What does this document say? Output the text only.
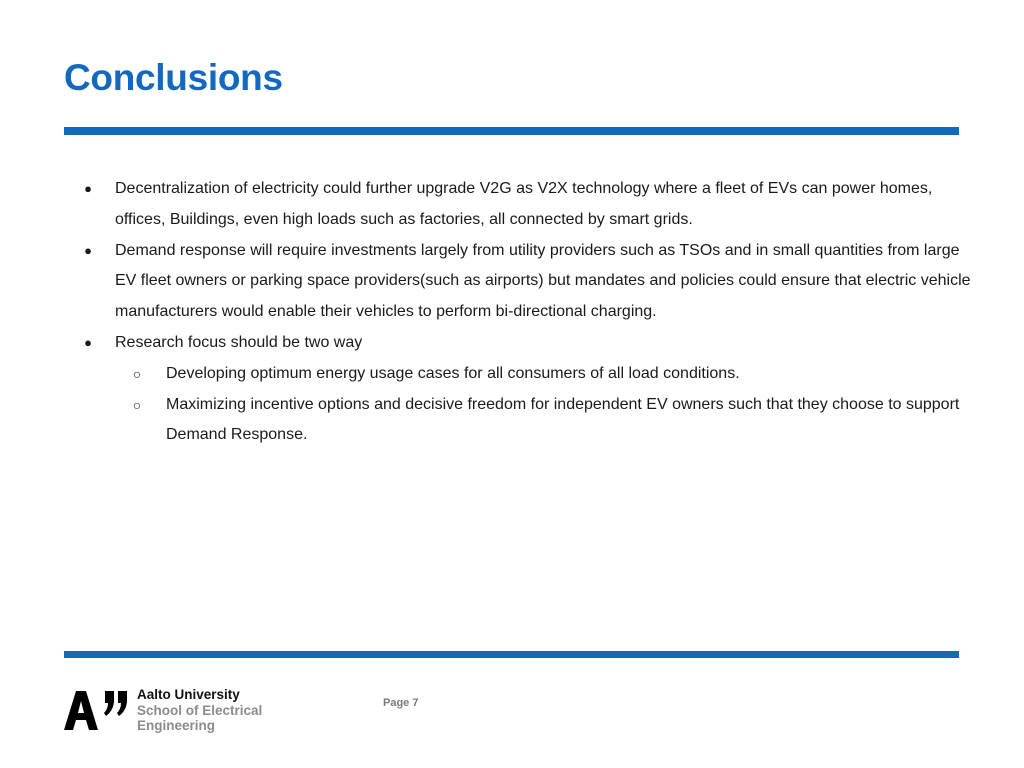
Conclusions
● Decentralization of electricity could further upgrade V2G as V2X technology where a fleet of EVs can power homes, offices, Buildings, even high loads such as factories, all connected by smart grids.
● Demand response will require investments largely from utility providers such as TSOs and in small quantities from large EV fleet owners or parking space providers(such as airports) but mandates and policies could ensure that electric vehicle manufacturers would enable their vehicles to perform bi-directional charging.
● Research focus should be two way
○ Developing optimum energy usage cases for all consumers of all load conditions.
○ Maximizing incentive options and decisive freedom for independent EV owners such that they choose to support Demand Response.
Aalto University
School of Electrical
Engineering
Page 7
